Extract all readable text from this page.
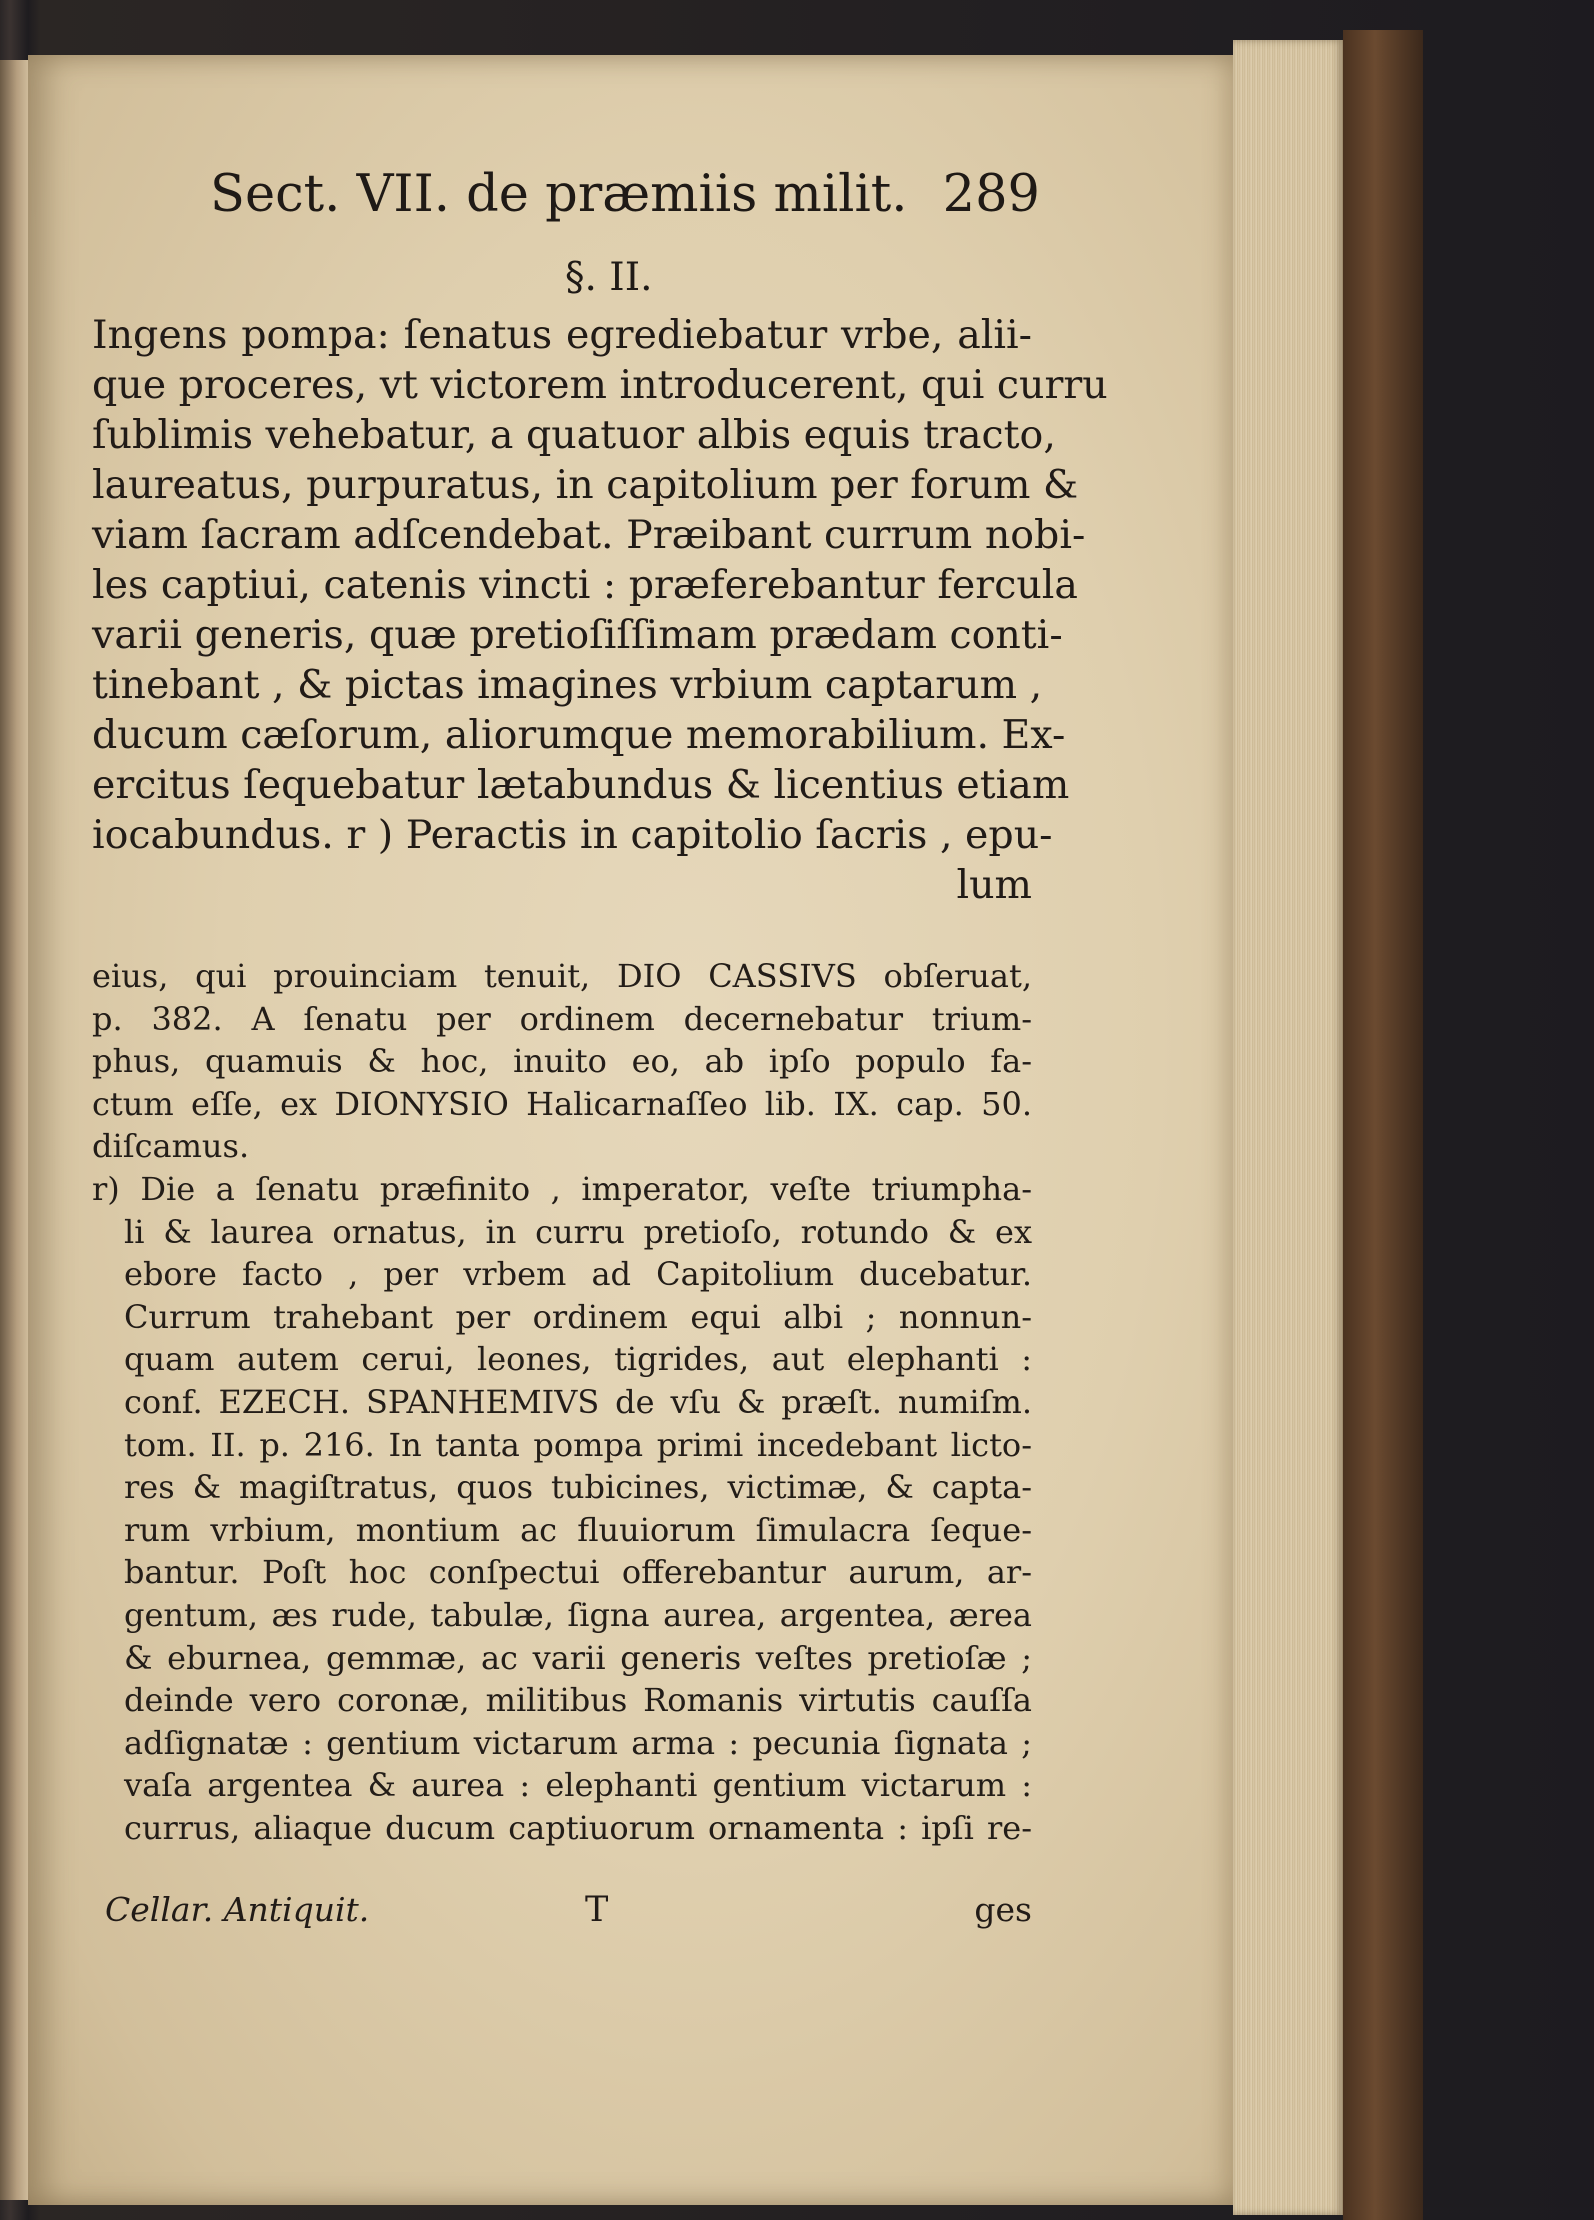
Sect. VII. de præmiis milit. 289
§. II.
Ingens pompa: ſenatus egrediebatur vrbe, alii-
que proceres, vt victorem introducerent, qui curru
ſublimis vehebatur, a quatuor albis equis tracto,
laureatus, purpuratus, in capitolium per forum &
viam ſacram adſcendebat. Præibant currum nobi-
les captiui, catenis vincti : præferebantur fercula
varii generis, quæ pretioſiſſimam prædam conti-
tinebant , & pictas imagines vrbium captarum ,
ducum cæſorum, aliorumque memorabilium. Ex-
ercitus ſequebatur lætabundus & licentius etiam
iocabundus. r ) Peractis in capitolio ſacris , epu-
lum
eius, qui prouinciam tenuit, DIO CASSIVS obſeruat,
p. 382. A ſenatu per ordinem decernebatur trium-
phus, quamuis & hoc, inuito eo, ab ipſo populo fa-
ctum eſſe, ex DIONYSIO Halicarnaſſeo lib. IX. cap. 50.
diſcamus.
r) Die a ſenatu præfinito , imperator, veſte triumpha-
li & laurea ornatus, in curru pretioſo, rotundo & ex
ebore facto , per vrbem ad Capitolium ducebatur.
Currum trahebant per ordinem equi albi ; nonnun-
quam autem cerui, leones, tigrides, aut elephanti :
conf. EZECH. SPANHEMIVS de vſu & præſt. numiſm.
tom. II. p. 216. In tanta pompa primi incedebant licto-
res & magiſtratus, quos tubicines, victimæ, & capta-
rum vrbium, montium ac fluuiorum ſimulacra ſeque-
bantur. Poſt hoc conſpectui offerebantur aurum, ar-
gentum, æs rude, tabulæ, ſigna aurea, argentea, ærea
& eburnea, gemmæ, ac varii generis veſtes pretioſæ ;
deinde vero coronæ, militibus Romanis virtutis cauſſa
adſignatæ : gentium victarum arma : pecunia ſignata ;
vaſa argentea & aurea : elephanti gentium victarum :
currus, aliaque ducum captiuorum ornamenta : ipſi re-
Cellar. Antiquit.	T	ges
